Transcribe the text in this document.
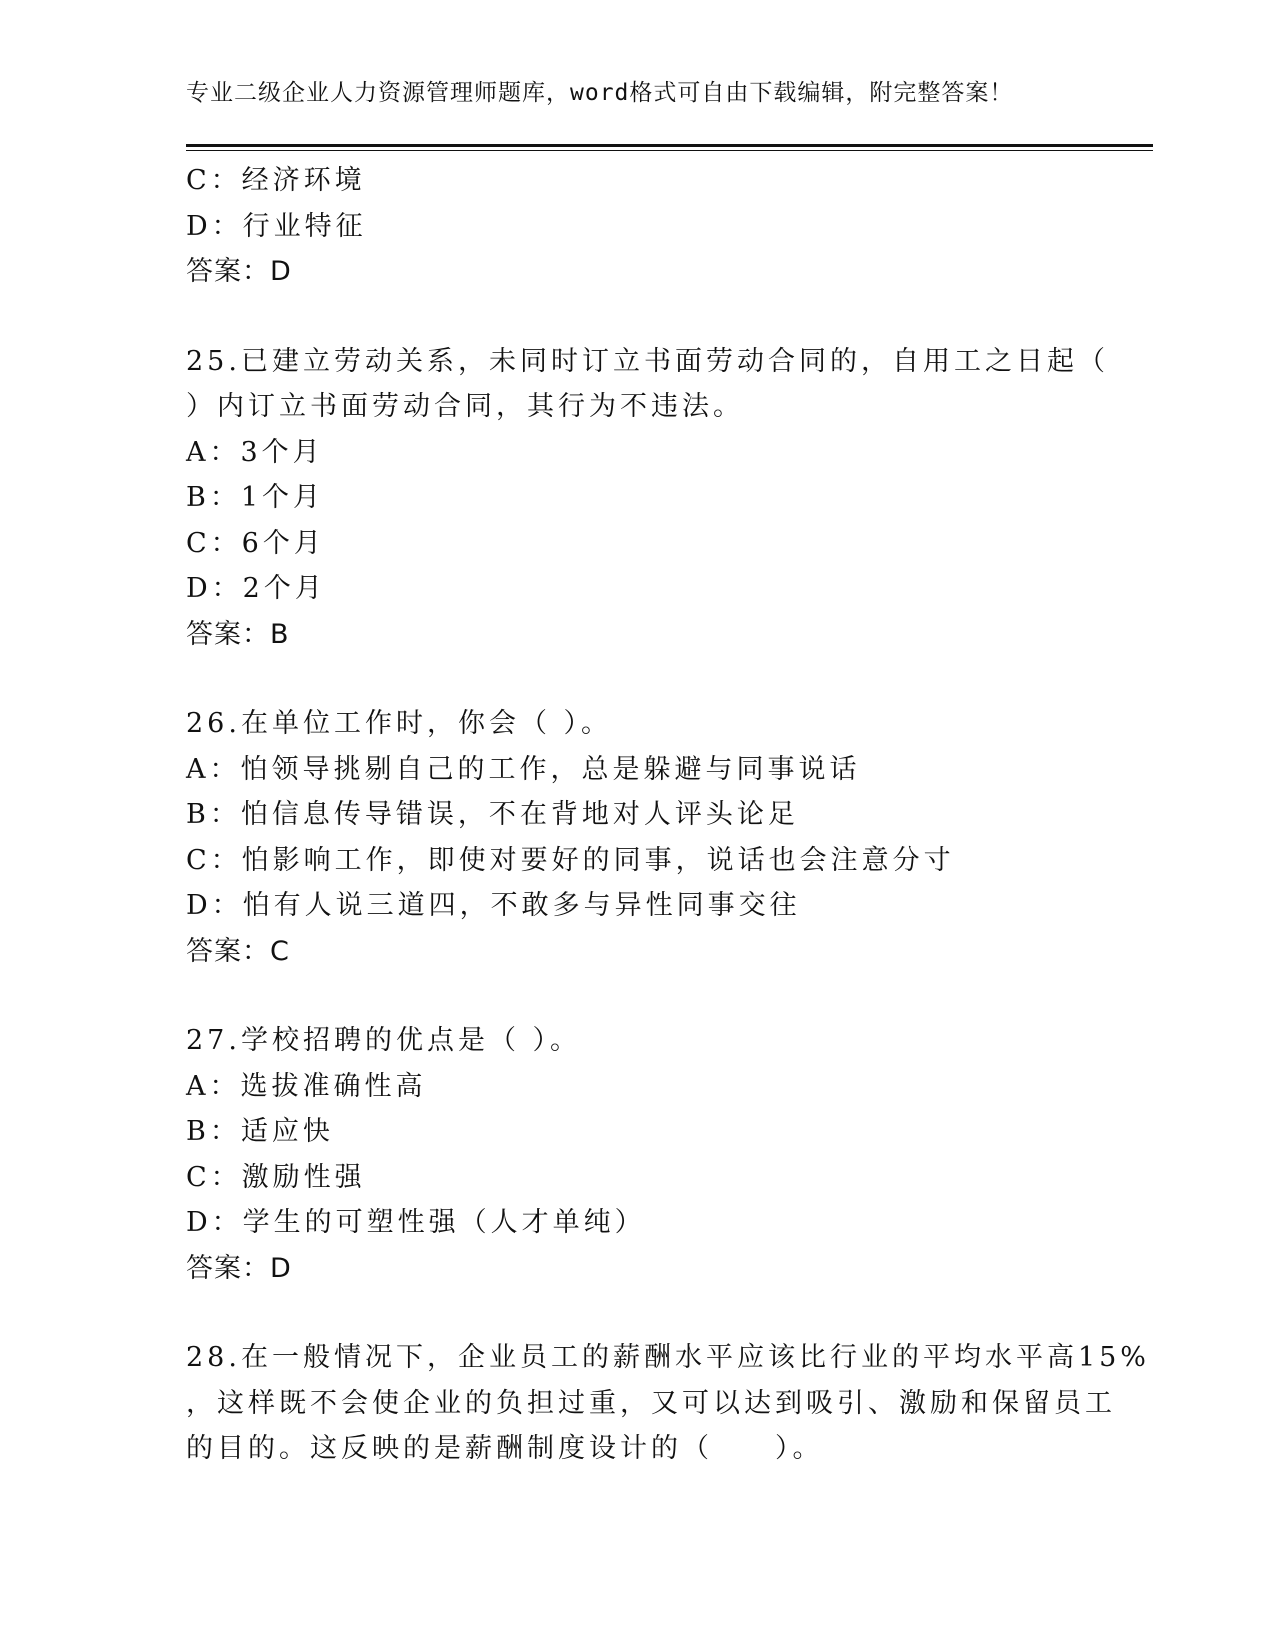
专业二级企业人力资源管理师题库，word格式可自由下载编辑，附完整答案！
C：经济环境
D：行业特征
答案：D
25.已建立劳动关系，未同时订立书面劳动合同的，自用工之日起（
）内订立书面劳动合同，其行为不违法。
A：3个月
B：1个月
C：6个月
D：2个月
答案：B
26.在单位工作时，你会（ ）。
A：怕领导挑剔自己的工作，总是躲避与同事说话
B：怕信息传导错误，不在背地对人评头论足
C：怕影响工作，即使对要好的同事，说话也会注意分寸
D：怕有人说三道四，不敢多与异性同事交往
答案：C
27.学校招聘的优点是（ ）。
A：选拔准确性高
B：适应快
C：激励性强
D：学生的可塑性强（人才单纯）
答案：D
28.在一般情况下，企业员工的薪酬水平应该比行业的平均水平高15%
，这样既不会使企业的负担过重，又可以达到吸引、激励和保留员工
的目的。这反映的是薪酬制度设计的（　　）。
